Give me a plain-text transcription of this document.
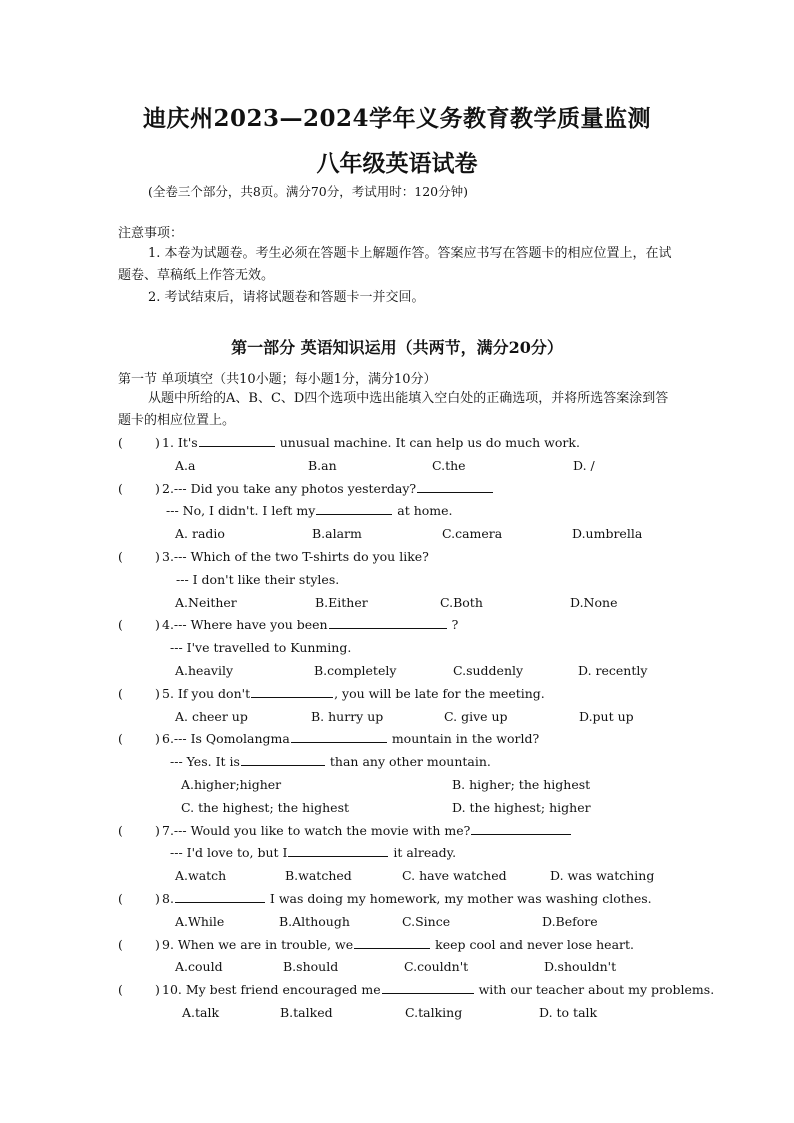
迪庆州2023—2024学年义务教育教学质量监测
八年级英语试卷
(全卷三个部分，共8页。满分70分，考试用时：120分钟)
注意事项：
1. 本卷为试题卷。考生必须在答题卡上解题作答。答案应书写在答题卡的相应位置上，在试题卷、草稿纸上作答无效。
2. 考试结束后，请将试题卷和答题卡一并交回。
第一部分 英语知识运用（共两节，满分20分）
第一节 单项填空（共10小题；每小题1分，满分10分）
从题中所给的A、B、C、D四个选项中选出能填入空白处的正确选项，并将所选答案涂到答题卡的相应位置上。
(	) 1. It's	unusual machine. It can help us do much work.
A.a	B.an	C.the	D. /
(	) 2.--- Did you take any photos yesterday?
--- No, I didn't. I left my	at home.
A. radio	B.alarm	C.camera	D.umbrella
(	) 3.--- Which of the two T-shirts do you like?
--- I don't like their styles.
A.Neither	B.Either	C.Both	D.None
(	) 4.--- Where have you been	?
--- I've travelled to Kunming.
A.heavily	B.completely	C.suddenly	D. recently
(	) 5. If you don't	, you will be late for the meeting.
A. cheer up	B. hurry up	C. give up	D.put up
(	) 6.--- Is Qomolangma	mountain in the world?
--- Yes. It is	than any other mountain.
A.higher;higher	B. higher; the highest
C. the highest; the highest	D. the highest; higher
(	) 7.--- Would you like to watch the movie with me?
--- I'd love to, but I	it already.
A.watch	B.watched	C. have watched	D. was watching
(	) 8.	I was doing my homework, my mother was washing clothes.
A.While	B.Although	C.Since	D.Before
(	) 9. When we are in trouble, we	keep cool and never lose heart.
A.could	B.should	C.couldn't	D.shouldn't
(	) 10. My best friend encouraged me	with our teacher about my problems.
A.talk	B.talked	C.talking	D. to talk
